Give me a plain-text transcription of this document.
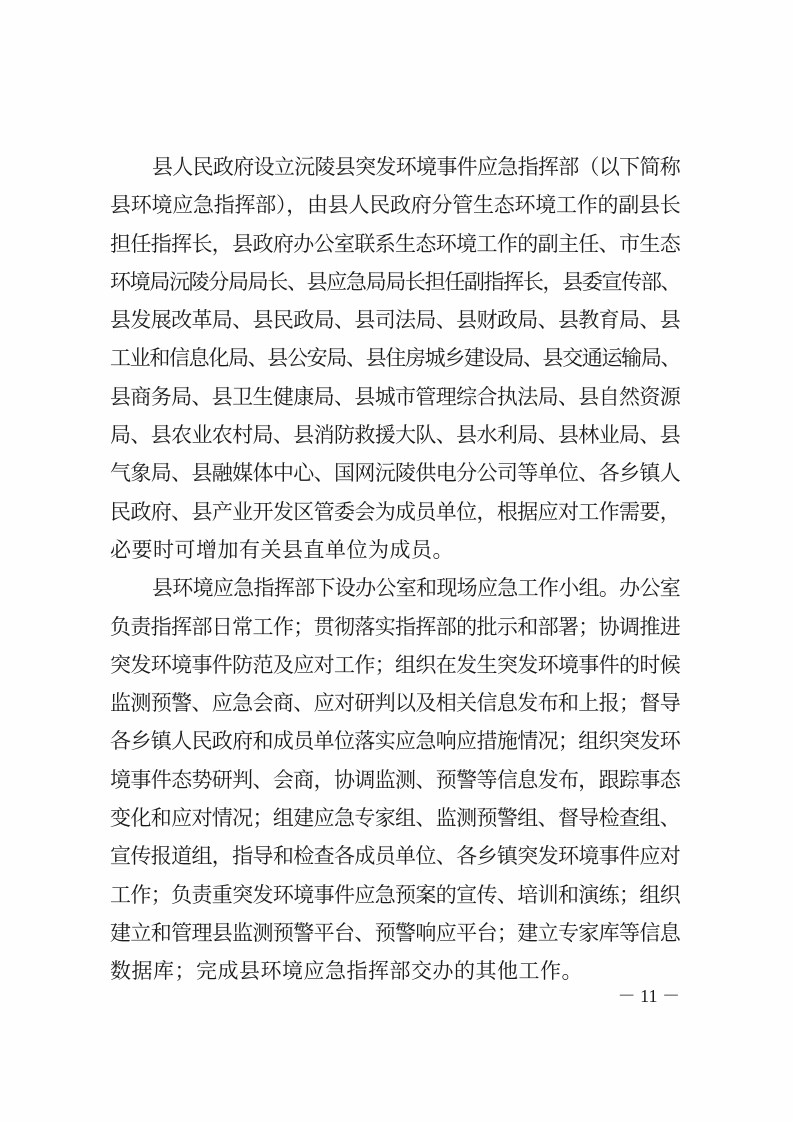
县人民政府设立沅陵县突发环境事件应急指挥部（以下简称
县环境应急指挥部），由县人民政府分管生态环境工作的副县长
担任指挥长，县政府办公室联系生态环境工作的副主任、市生态
环境局沅陵分局局长、县应急局局长担任副指挥长，县委宣传部、
县发展改革局、县民政局、县司法局、县财政局、县教育局、县
工业和信息化局、县公安局、县住房城乡建设局、县交通运输局、
县商务局、县卫生健康局、县城市管理综合执法局、县自然资源
局、县农业农村局、县消防救援大队、县水利局、县林业局、县
气象局、县融媒体中心、国网沅陵供电分公司等单位、各乡镇人
民政府、县产业开发区管委会为成员单位，根据应对工作需要，
必要时可增加有关县直单位为成员。
县环境应急指挥部下设办公室和现场应急工作小组。办公室
负责指挥部日常工作；贯彻落实指挥部的批示和部署；协调推进
突发环境事件防范及应对工作；组织在发生突发环境事件的时候
监测预警、应急会商、应对研判以及相关信息发布和上报；督导
各乡镇人民政府和成员单位落实应急响应措施情况；组织突发环
境事件态势研判、会商，协调监测、预警等信息发布，跟踪事态
变化和应对情况；组建应急专家组、监测预警组、督导检查组、
宣传报道组，指导和检查各成员单位、各乡镇突发环境事件应对
工作；负责重突发环境事件应急预案的宣传、培训和演练；组织
建立和管理县监测预警平台、预警响应平台；建立专家库等信息
数据库；完成县环境应急指挥部交办的其他工作。
－ 11 －
